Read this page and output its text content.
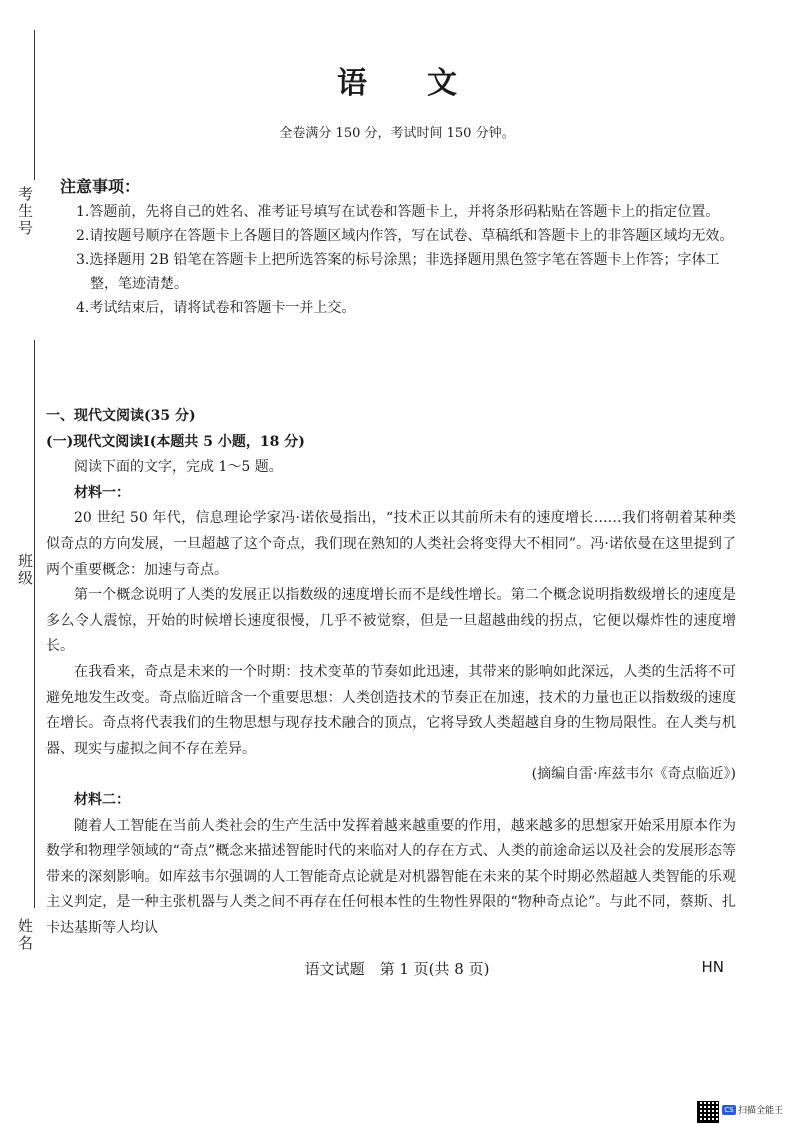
考生号
班级
姓名
语文
全卷满分 150 分，考试时间 150 分钟。
注意事项：

1.答题前，先将自己的姓名、准考证号填写在试卷和答题卡上，并将条形码粘贴在答题卡上的指定位置。

2.请按题号顺序在答题卡上各题目的答题区域内作答，写在试卷、草稿纸和答题卡上的非答题区域均无效。

3.选择题用 2B 铅笔在答题卡上把所选答案的标号涂黑；非选择题用黑色签字笔在答题卡上作答；字体工整，笔迹清楚。

4.考试结束后，请将试卷和答题卡一并上交。

一、现代文阅读(35 分)

(一)现代文阅读Ⅰ(本题共 5 小题，18 分)

阅读下面的文字，完成 1～5 题。

材料一：

20 世纪 50 年代，信息理论学家冯·诺依曼指出，“技术正以其前所未有的速度增长……我们将朝着某种类似奇点的方向发展，一旦超越了这个奇点，我们现在熟知的人类社会将变得大不相同”。冯·诺依曼在这里提到了两个重要概念：加速与奇点。

第一个概念说明了人类的发展正以指数级的速度增长而不是线性增长。第二个概念说明指数级增长的速度是多么令人震惊，开始的时候增长速度很慢，几乎不被觉察，但是一旦超越曲线的拐点，它便以爆炸性的速度增长。

在我看来，奇点是未来的一个时期：技术变革的节奏如此迅速，其带来的影响如此深远，人类的生活将不可避免地发生改变。奇点临近暗含一个重要思想：人类创造技术的节奏正在加速，技术的力量也正以指数级的速度在增长。奇点将代表我们的生物思想与现存技术融合的顶点，它将导致人类超越自身的生物局限性。在人类与机器、现实与虚拟之间不存在差异。

(摘编自雷·库兹韦尔《奇点临近》)

材料二：

随着人工智能在当前人类社会的生产生活中发挥着越来越重要的作用，越来越多的思想家开始采用原本作为数学和物理学领域的“奇点”概念来描述智能时代的来临对人的存在方式、人类的前途命运以及社会的发展形态等带来的深刻影响。如库兹韦尔强调的人工智能奇点论就是对机器智能在未来的某个时期必然超越人类智能的乐观主义判定，是一种主张机器与人类之间不再存在任何根本性的生物性界限的“物种奇点论”。与此不同，蔡斯、扎卡达基斯等人均认

语文试题　第 1 页(共 8 页)	HN
CS 扫描全能王
